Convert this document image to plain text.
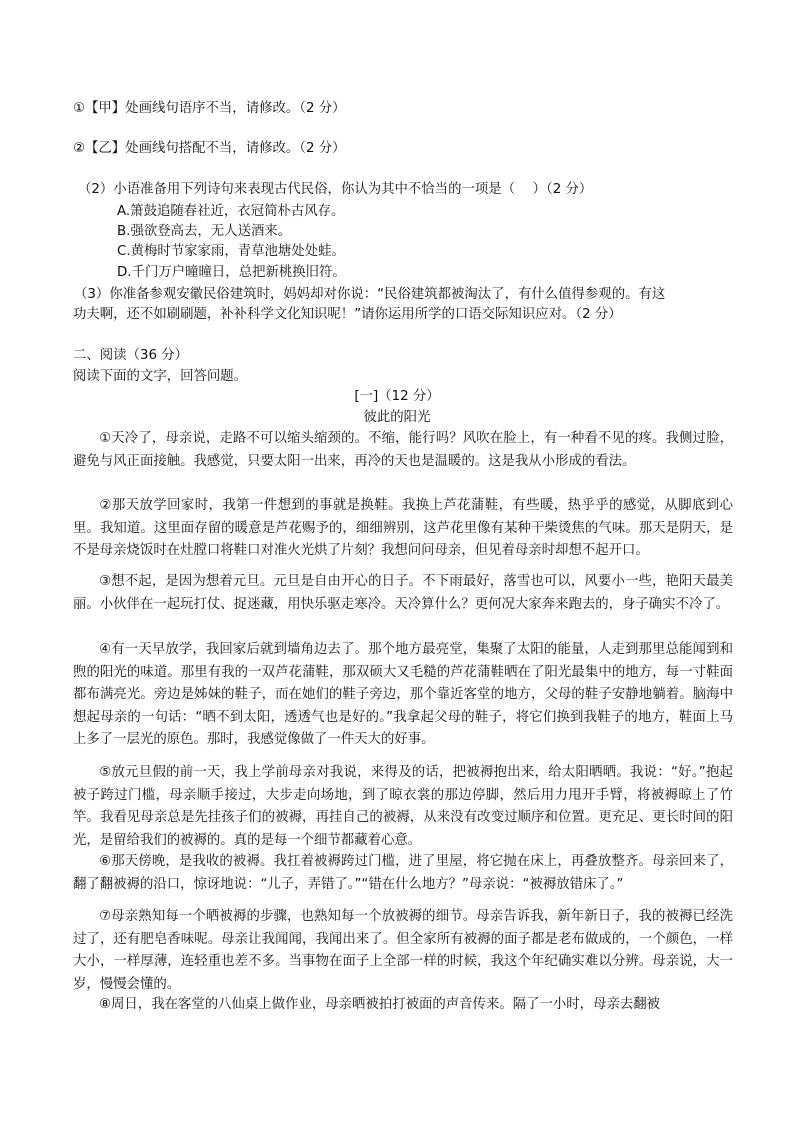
①【甲】处画线句语序不当，请修改。（2 分）
②【乙】处画线句搭配不当，请修改。（2 分）
（2）小语准备用下列诗句来表现古代民俗，你认为其中不恰当的一项是（　 ）（2 分）
A.箫鼓追随春社近，衣冠简朴古风存。
B.强欲登高去，无人送酒来。
C.黄梅时节家家雨，青草池塘处处蛙。
D.千门万户曈曈日，总把新桃换旧符。
（3）你准备参观安徽民俗建筑时，妈妈却对你说：“民俗建筑都被淘汰了，有什么值得参观的。有这
功夫啊，还不如刷刷题，补补科学文化知识呢！”请你运用所学的口语交际知识应对。（2 分）
二、阅读（36 分）
阅读下面的文字，回答问题。
[一]（12 分）
彼此的阳光
①天冷了，母亲说，走路不可以缩头缩颈的。不缩，能行吗？风吹在脸上，有一种看不见的疼。我侧过脸，避免与风正面接触。我感觉，只要太阳一出来，再冷的天也是温暖的。这是我从小形成的看法。
②那天放学回家时，我第一件想到的事就是换鞋。我换上芦花蒲鞋，有些暖，热乎乎的感觉，从脚底到心里。我知道。这里面存留的暖意是芦花赐予的，细细辨别，这芦花里像有某种干柴烫焦的气味。那天是阴天，是不是母亲烧饭时在灶膛口将鞋口对准火光烘了片刻？我想问问母亲，但见着母亲时却想不起开口。
③想不起，是因为想着元旦。元旦是自由开心的日子。不下雨最好，落雪也可以，风要小一些，艳阳天最美丽。小伙伴在一起玩打仗、捉迷藏，用快乐驱走寒冷。天冷算什么？更何况大家奔来跑去的，身子确实不冷了。
④有一天早放学，我回家后就到墙角边去了。那个地方最亮堂，集聚了太阳的能量，人走到那里总能闻到和煦的阳光的味道。那里有我的一双芦花蒲鞋，那双硕大又毛糙的芦花蒲鞋晒在了阳光最集中的地方，每一寸鞋面都布满亮光。旁边是姊妹的鞋子，而在她们的鞋子旁边，那个靠近客堂的地方，父母的鞋子安静地躺着。脑海中想起母亲的一句话：“晒不到太阳，透透气也是好的。”我拿起父母的鞋子，将它们换到我鞋子的地方，鞋面上马上多了一层光的原色。那时，我感觉像做了一件天大的好事。
⑤放元旦假的前一天，我上学前母亲对我说，来得及的话，把被褥抱出来，给太阳晒晒。我说：“好。”抱起被子跨过门槛，母亲顺手接过，大步走向场地，到了晾衣裳的那边停脚，然后用力甩开手臂，将被褥晾上了竹竿。我看见母亲总是先挂孩子们的被褥，再挂自己的被褥，从来没有改变过顺序和位置。更充足、更长时间的阳光，是留给我们的被褥的。真的是每一个细节都藏着心意。
⑥那天傍晚，是我收的被褥。我扛着被褥跨过门槛，进了里屋，将它抛在床上，再叠放整齐。母亲回来了，翻了翻被褥的沿口，惊讶地说：“儿子，弄错了。”“错在什么地方？”母亲说：“被褥放错床了。”
⑦母亲熟知每一个晒被褥的步骤，也熟知每一个放被褥的细节。母亲告诉我，新年新日子，我的被褥已经洗过了，还有肥皂香味呢。母亲让我闻闻，我闻出来了。但全家所有被褥的面子都是老布做成的，一个颜色，一样大小，一样厚薄，连轻重也差不多。当事物在面子上全部一样的时候，我这个年纪确实难以分辨。母亲说，大一岁，慢慢会懂的。
⑧周日，我在客堂的八仙桌上做作业，母亲晒被拍打被面的声音传来。隔了一小时，母亲去翻被
